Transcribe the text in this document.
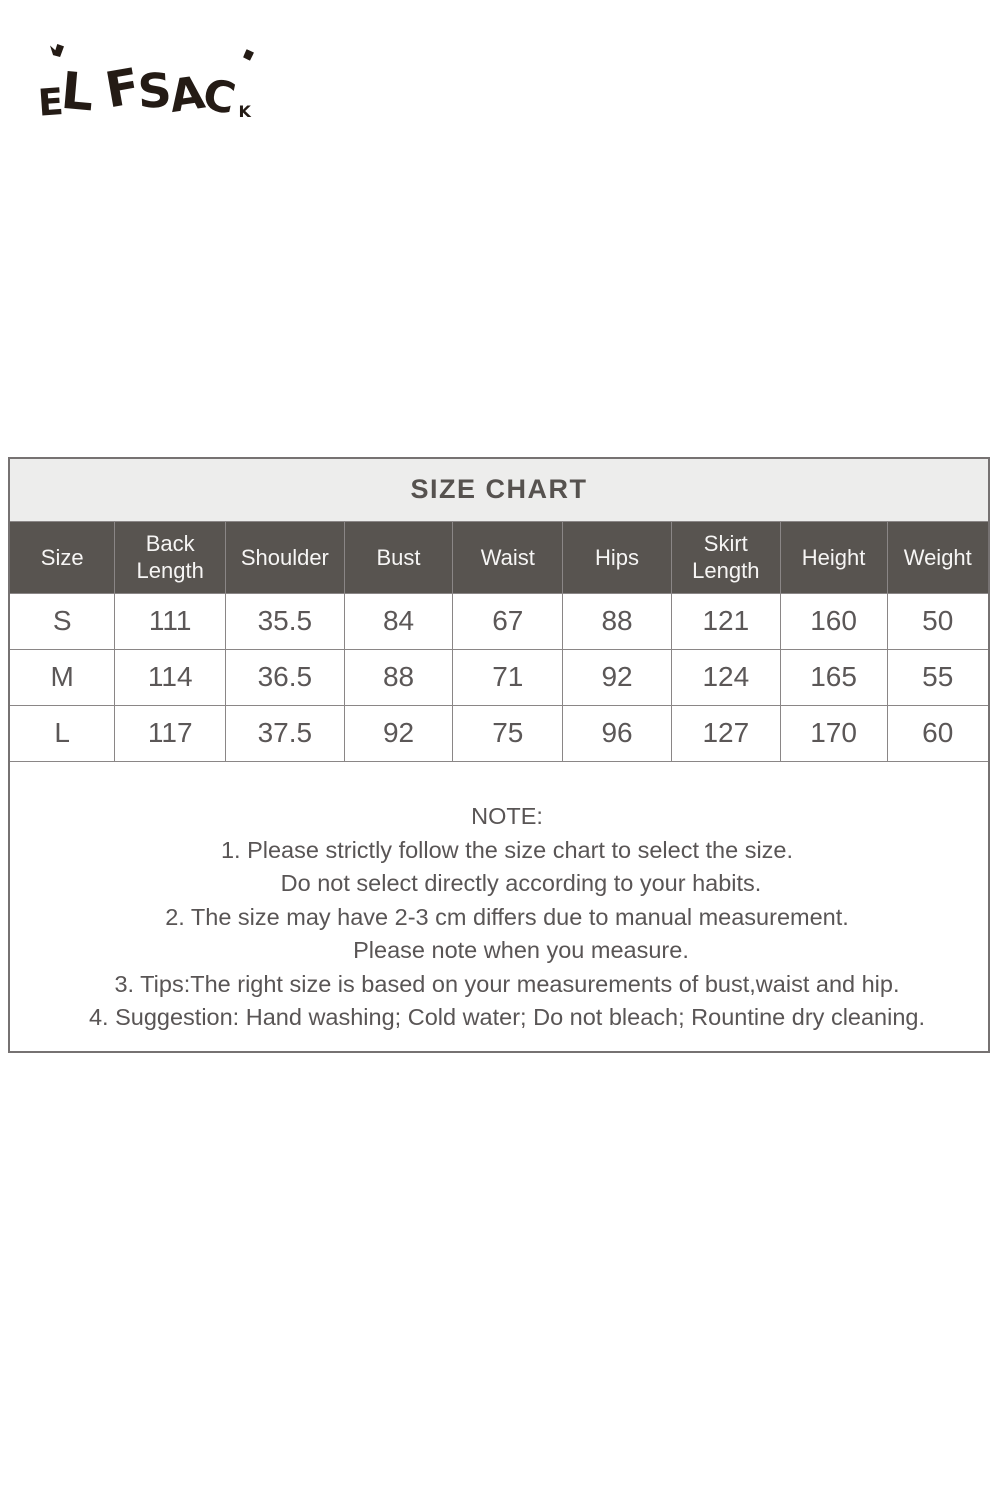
E
L F
S
A
C K
SIZE CHART								
Size	Back Length	Shoulder	Bust	Waist	Hips	Skirt Length	Height	Weight
S	111	35.5	84	67	88	121	160	50
M	114	36.5	88	71	92	124	165	55
L	117	37.5	92	75	96	127	170	60

NOTE:
1. Please strictly follow the size chart to select the size.
Do not select directly according to your habits.
2. The size may have 2-3 cm differs due to manual measurement.
Please note when you measure.
3. Tips:The right size is based on your measurements of bust,waist and hip.
4. Suggestion: Hand washing; Cold water; Do not bleach; Rountine dry cleaning.
